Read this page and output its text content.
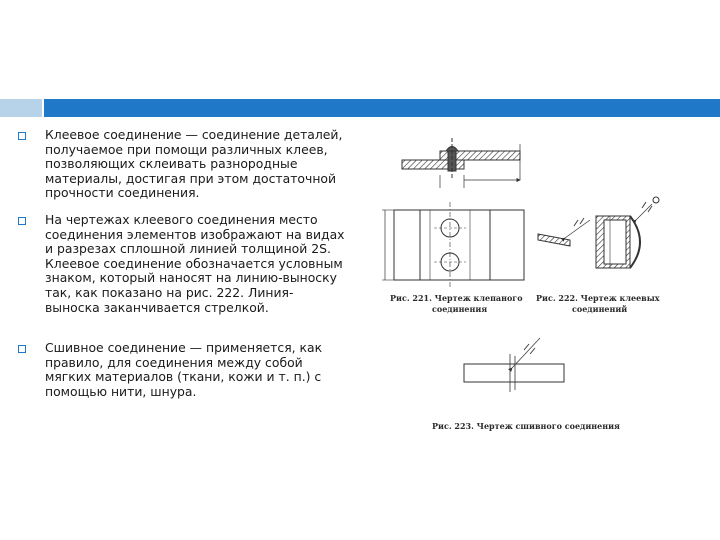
Клеевое соединение — соединение деталей, получаемое при помощи различных клеев, позволяющих склеивать разнородные материалы, достигая при этом достаточной прочности соединения.
На чертежах клеевого соединения место соединения элементов изображают на видах и разрезах сплошной линией толщиной 2S. Клеевое соединение обозначается условным знаком, который наносят на линию-выноску так, как показано на рис. 222. Линия-выноска заканчивается стрелкой.
Сшивное соединение — применяется, как правило, для соединения между собой мягких материалов (ткани, кожи и т. п.) с помощью нити, шнура.
Рис. 221. Чертеж клепаного
соединения
Рис. 222. Чертеж клеевых
соединений
Рис. 223. Чертеж сшивного соединения
